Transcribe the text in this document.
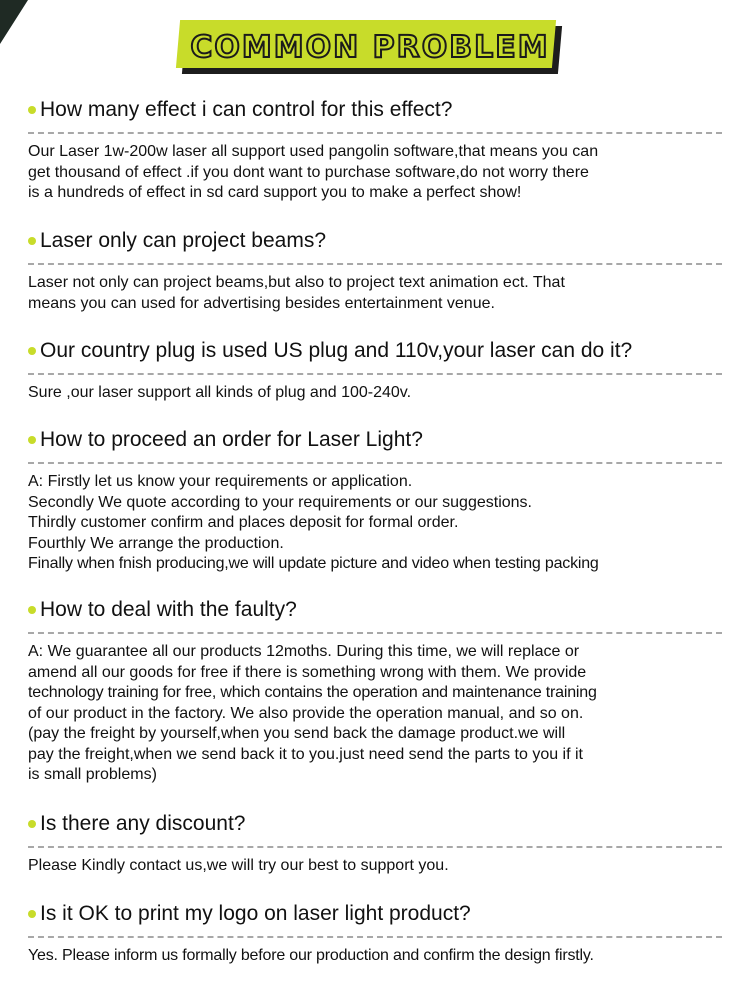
COMMON PROBLEM
How many effect i can control for this effect?
Our Laser 1w-200w laser all support used pangolin software,that means you can
get thousand of effect .if you dont want to purchase software,do not worry there
is a hundreds of effect in sd card support you to make a perfect show!
Laser only can project beams?
Laser not only can project beams,but also to project text animation ect. That
means you can used for advertising besides entertainment venue.
Our country plug is used US plug and 110v,your laser can do it?
Sure ,our laser support all kinds of plug and 100-240v.
How to proceed an order for Laser Light?
A: Firstly let us know your requirements or application.
Secondly We quote according to your requirements or our suggestions.
Thirdly customer confirm and places deposit for formal order.
Fourthly We arrange the production.
Finally when fnish producing,we will update picture and video when testing packing
How to deal with the faulty?
A: We guarantee all our products 12moths. During this time, we will replace or
amend all our goods for free if there is something wrong with them. We provide
technology training for free, which contains the operation and maintenance training
of our product in the factory. We also provide the operation manual, and so on.
(pay the freight by yourself,when you send back the damage product.we will
pay the freight,when we send back it to you.just need send the parts to you if it
is small problems)
Is there any discount?
Please Kindly contact us,we will try our best to support you.
Is it OK to print my logo on laser light product?
Yes. Please inform us formally before our production and confirm the design firstly.
